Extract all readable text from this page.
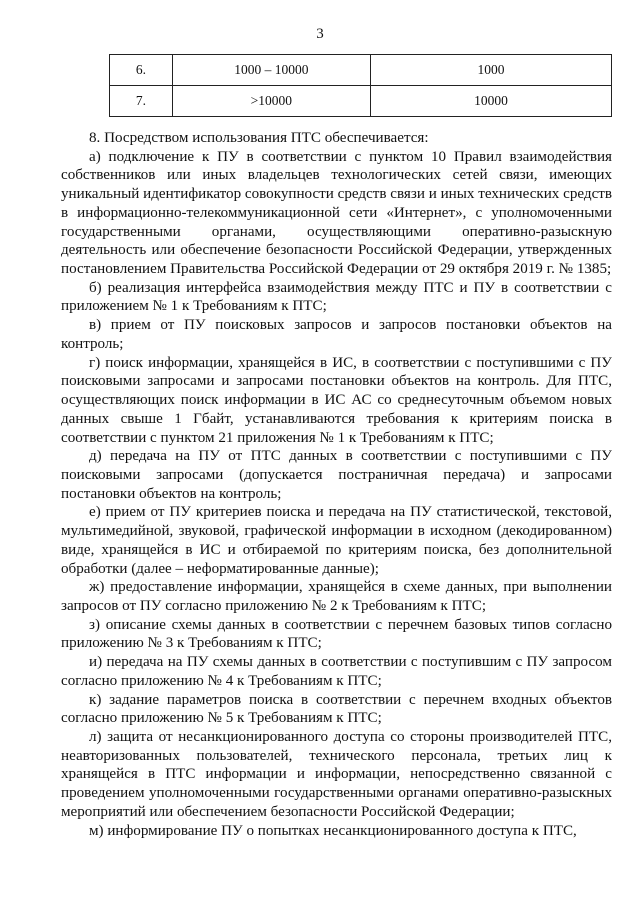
3
6.	1000 – 10000	1000
7.	>10000	10000

8. Посредством использования ПТС обеспечивается:

а) подключение к ПУ в соответствии с пунктом 10 Правил взаимодействия собственников или иных владельцев технологических сетей связи, имеющих уникальный идентификатор совокупности средств связи и иных технических средств в информационно-телекоммуникационной сети «Интернет», с уполномоченными государственными органами, осуществляющими оперативно-разыскную деятельность или обеспечение безопасности Российской Федерации, утвержденных постановлением Правительства Российской Федерации от 29 октября 2019 г. № 1385;

б) реализация интерфейса взаимодействия между ПТС и ПУ в соответствии с приложением № 1 к Требованиям к ПТС;

в) прием от ПУ поисковых запросов и запросов постановки объектов на контроль;

г) поиск информации, хранящейся в ИС, в соответствии с поступившими с ПУ поисковыми запросами и запросами постановки объектов на контроль. Для ПТС, осуществляющих поиск информации в ИС АС со среднесуточным объемом новых данных свыше 1 Гбайт, устанавливаются требования к критериям поиска в соответствии с пунктом 21 приложения № 1 к Требованиям к ПТС;

д) передача на ПУ от ПТС данных в соответствии с поступившими с ПУ поисковыми запросами (допускается постраничная передача) и запросами постановки объектов на контроль;

е) прием от ПУ критериев поиска и передача на ПУ статистической, текстовой, мультимедийной, звуковой, графической информации в исходном (декодированном) виде, хранящейся в ИС и отбираемой по критериям поиска, без дополнительной обработки (далее – неформатированные данные);

ж) предоставление информации, хранящейся в схеме данных, при выполнении запросов от ПУ согласно приложению № 2 к Требованиям к ПТС;

з) описание схемы данных в соответствии с перечнем базовых типов согласно приложению № 3 к Требованиям к ПТС;

и) передача на ПУ схемы данных в соответствии с поступившим с ПУ запросом согласно приложению № 4 к Требованиям к ПТС;

к) задание параметров поиска в соответствии с перечнем входных объектов согласно приложению № 5 к Требованиям к ПТС;

л) защита от несанкционированного доступа со стороны производителей ПТС, неавторизованных пользователей, технического персонала, третьих лиц к хранящейся в ПТС информации и информации, непосредственно связанной с проведением уполномоченными государственными органами оперативно-разыскных мероприятий или обеспечением безопасности Российской Федерации;

м) информирование ПУ о попытках несанкционированного доступа к ПТС,
